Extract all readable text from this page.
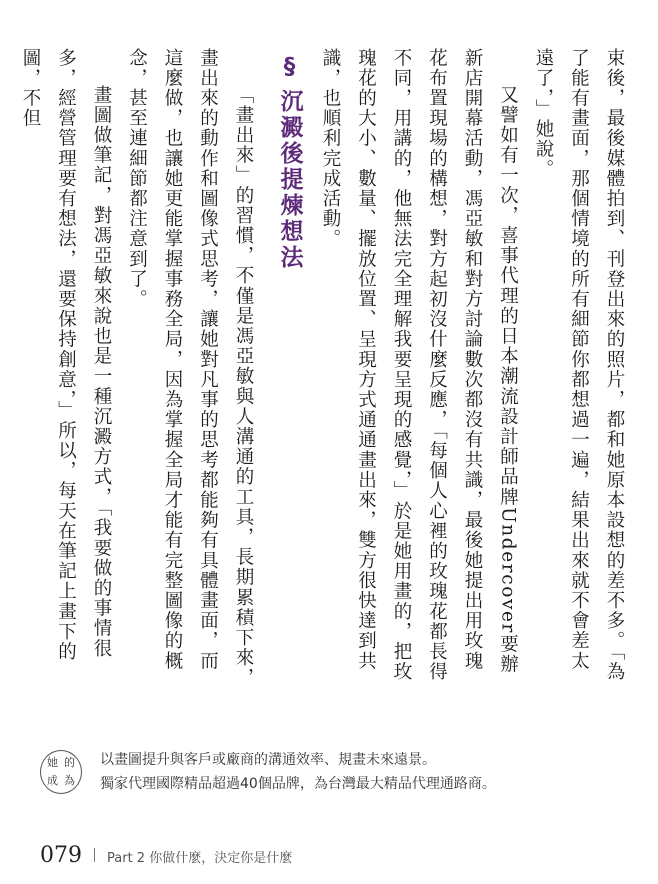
束後，最後媒體拍到、刊登出來的照片，都和她原本設想的差不多。「為了能有畫面，那個情境的所有細節你都想過一遍，結果出來就不會差太遠了，」她說。

又譬如有一次，喜事代理的日本潮流設計師品牌Undercover要辦新店開幕活動，馮亞敏和對方討論數次都沒有共識，最後她提出用玫瑰花布置現場的構想，對方起初沒什麼反應，「每個人心裡的玫瑰花都長得不同，用講的，他無法完全理解我要呈現的感覺，」於是她用畫的，把玫瑰花的大小、數量、擺放位置、呈現方式通通畫出來，雙方很快達到共識，也順利完成活動。

§沉澱後提煉想法

「畫出來」的習慣，不僅是馮亞敏與人溝通的工具，長期累積下來，畫出來的動作和圖像式思考，讓她對凡事的思考都能夠有具體畫面，而這麼做，也讓她更能掌握事務全局，因為掌握全局才能有完整圖像的概念，甚至連細節都注意到了。

畫圖做筆記，對馮亞敏來說也是一種沉澱方式，「我要做的事情很多，經營管理要有想法，還要保持創意，」所以，每天在筆記上畫下的圖，不但

她的
成為
以畫圖提升與客戶或廠商的溝通效率、規畫未來遠景。
獨家代理國際精品超過40個品牌，為台灣最大精品代理通路商。
079 Part 2 你做什麼，決定你是什麼
